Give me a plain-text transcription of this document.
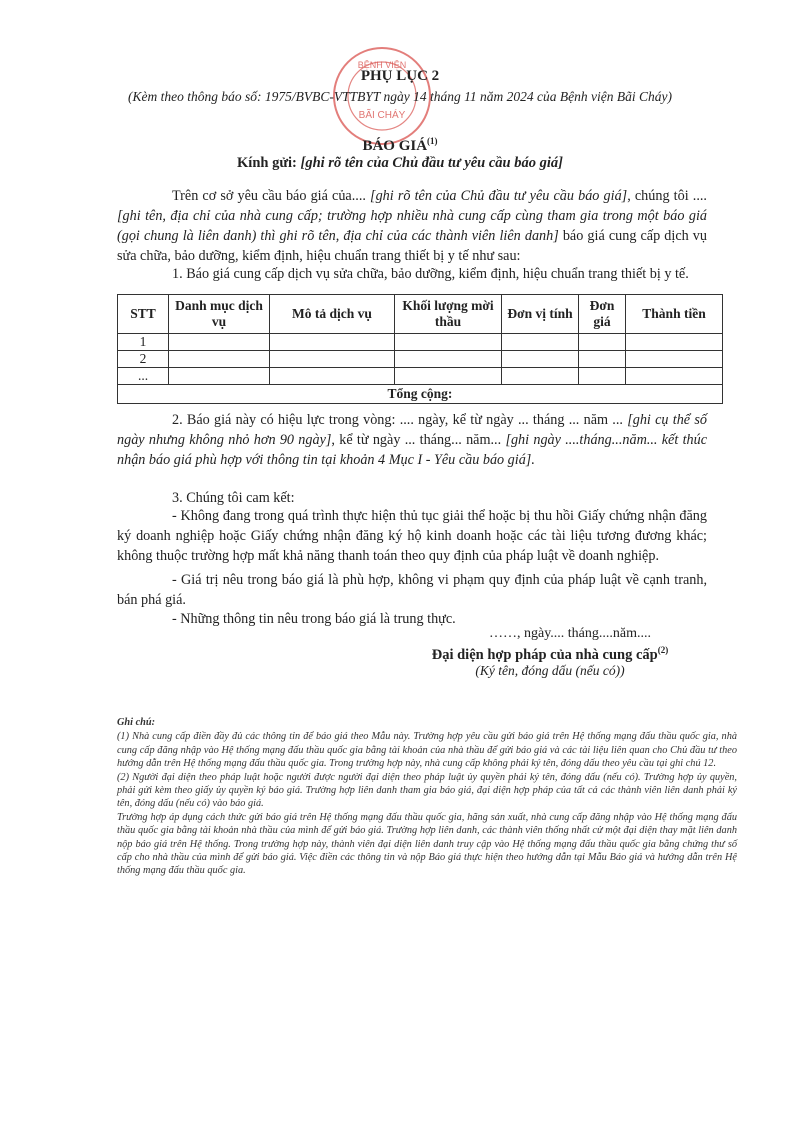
BỆNH VIỆN
BÃI CHÁY
PHỤ LỤC 2
(Kèm theo thông báo số: 1975/BVBC-VTTBYT ngày 14 tháng 11 năm 2024 của Bệnh viện Bãi Cháy)
BÁO GIÁ$^{(1)}$
Kính gửi: [ghi rõ tên của Chủ đầu tư yêu cầu báo giá]
Trên cơ sở yêu cầu báo giá của.... [ghi rõ tên của Chủ đầu tư yêu cầu báo giá], chúng tôi .... [ghi tên, địa chỉ của nhà cung cấp; trường hợp nhiều nhà cung cấp cùng tham gia trong một báo giá (gọi chung là liên danh) thì ghi rõ tên, địa chỉ của các thành viên liên danh] báo giá cung cấp dịch vụ sửa chữa, bảo dưỡng, kiểm định, hiệu chuẩn trang thiết bị y tế như sau:
1. Báo giá cung cấp dịch vụ sửa chữa, bảo dưỡng, kiểm định, hiệu chuẩn trang thiết bị y tế.
STT	Danh mục dịch vụ	Mô tả dịch vụ	Khối lượng mời thầu	Đơn vị tính	Đơn giá	Thành tiền
1						
2						
...						
Tổng cộng:						
2. Báo giá này có hiệu lực trong vòng: .... ngày, kể từ ngày ... tháng ... năm ... [ghi cụ thể số ngày nhưng không nhỏ hơn 90 ngày], kể từ ngày ... tháng... năm... [ghi ngày ....tháng...năm... kết thúc nhận báo giá phù hợp với thông tin tại khoản 4 Mục I - Yêu cầu báo giá].
3. Chúng tôi cam kết:
- Không đang trong quá trình thực hiện thủ tục giải thể hoặc bị thu hồi Giấy chứng nhận đăng ký doanh nghiệp hoặc Giấy chứng nhận đăng ký hộ kinh doanh hoặc các tài liệu tương đương khác; không thuộc trường hợp mất khả năng thanh toán theo quy định của pháp luật về doanh nghiệp.
- Giá trị nêu trong báo giá là phù hợp, không vi phạm quy định của pháp luật về cạnh tranh, bán phá giá.
- Những thông tin nêu trong báo giá là trung thực.
……, ngày.... tháng....năm....
Đại diện hợp pháp của nhà cung cấp$^{(2)}$
(Ký tên, đóng dấu (nếu có))
Ghi chú:

(1) Nhà cung cấp điền đầy đủ các thông tin để báo giá theo Mẫu này. Trường hợp yêu cầu gửi báo giá trên Hệ thống mạng đấu thầu quốc gia, nhà cung cấp đăng nhập vào Hệ thống mạng đấu thầu quốc gia bằng tài khoản của nhà thầu để gửi báo giá và các tài liệu liên quan cho Chủ đầu tư theo hướng dẫn trên Hệ thống mạng đấu thầu quốc gia. Trong trường hợp này, nhà cung cấp không phải ký tên, đóng dấu theo yêu cầu tại ghi chú 12.

(2) Người đại diện theo pháp luật hoặc người được người đại diện theo pháp luật ủy quyền phải ký tên, đóng dấu (nếu có). Trường hợp ủy quyền, phải gửi kèm theo giấy ủy quyền ký báo giá. Trường hợp liên danh tham gia báo giá, đại diện hợp pháp của tất cả các thành viên liên danh phải ký tên, đóng dấu (nếu có) vào báo giá.

Trường hợp áp dụng cách thức gửi báo giá trên Hệ thống mạng đấu thầu quốc gia, hãng sản xuất, nhà cung cấp đăng nhập vào Hệ thống mạng đấu thầu quốc gia bằng tài khoản nhà thầu của mình để gửi báo giá. Trường hợp liên danh, các thành viên thống nhất cử một đại diện thay mặt liên danh nộp báo giá trên Hệ thống. Trong trường hợp này, thành viên đại diện liên danh truy cập vào Hệ thống mạng đấu thầu quốc gia bằng chứng thư số cấp cho nhà thầu của mình để gửi báo giá. Việc điền các thông tin và nộp Báo giá thực hiện theo hướng dẫn tại Mẫu Báo giá và hướng dẫn trên Hệ thống mạng đấu thầu quốc gia.
